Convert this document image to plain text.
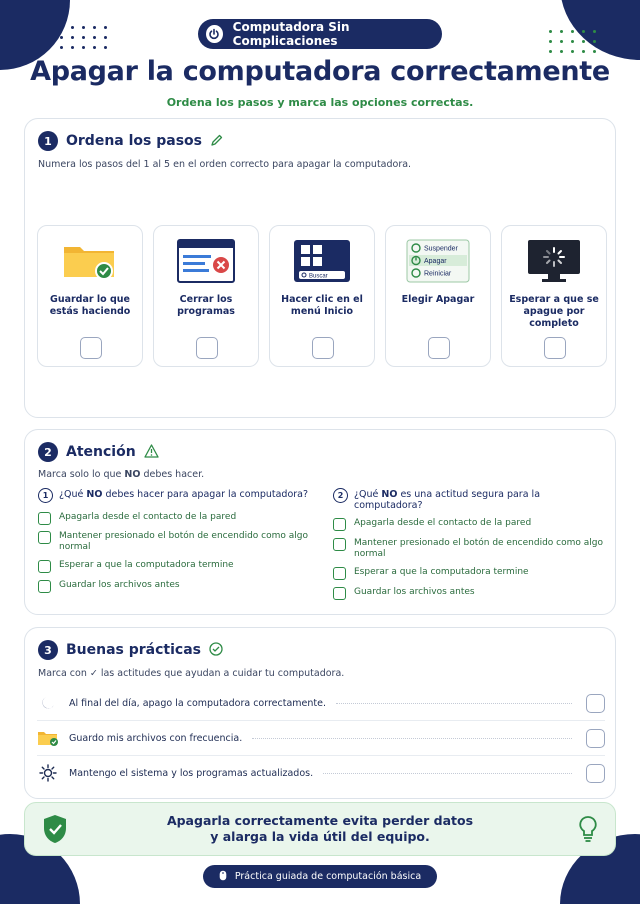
Computadora Sin Complicaciones
Apagar la computadora correctamente
Ordena los pasos y marca las opciones correctas.
1	Ordena los pasos
Numera los pasos del 1 al 5 en el orden correcto para apagar la computadora.
Guardar lo que estás haciendo
Cerrar los programas
Buscar
Hacer clic en el menú Inicio
Suspender
Apagar
Reiniciar
Elegir Apagar	Esperar a que se apague por completo
2	Atención
Marca solo lo que NO debes hacer.
1	¿Qué NO debes hacer para apagar la computadora?
Apagarla desde el contacto de la pared
Mantener presionado el botón de encendido como algo normal
Esperar a que la computadora termine
Guardar los archivos antes
2	¿Qué NO es una actitud segura para la computadora?
Apagarla desde el contacto de la pared
Mantener presionado el botón de encendido como algo normal
Esperar a que la computadora termine
Guardar los archivos antes
3	Buenas prácticas
Marca con ✓ las actitudes que ayudan a cuidar tu computadora.
Al final del día, apago la computadora correctamente.
Guardo mis archivos con frecuencia.
Mantengo el sistema y los programas actualizados.
Apagarla correctamente evita perder datos
y alarga la vida útil del equipo.
Práctica guiada de computación básica
